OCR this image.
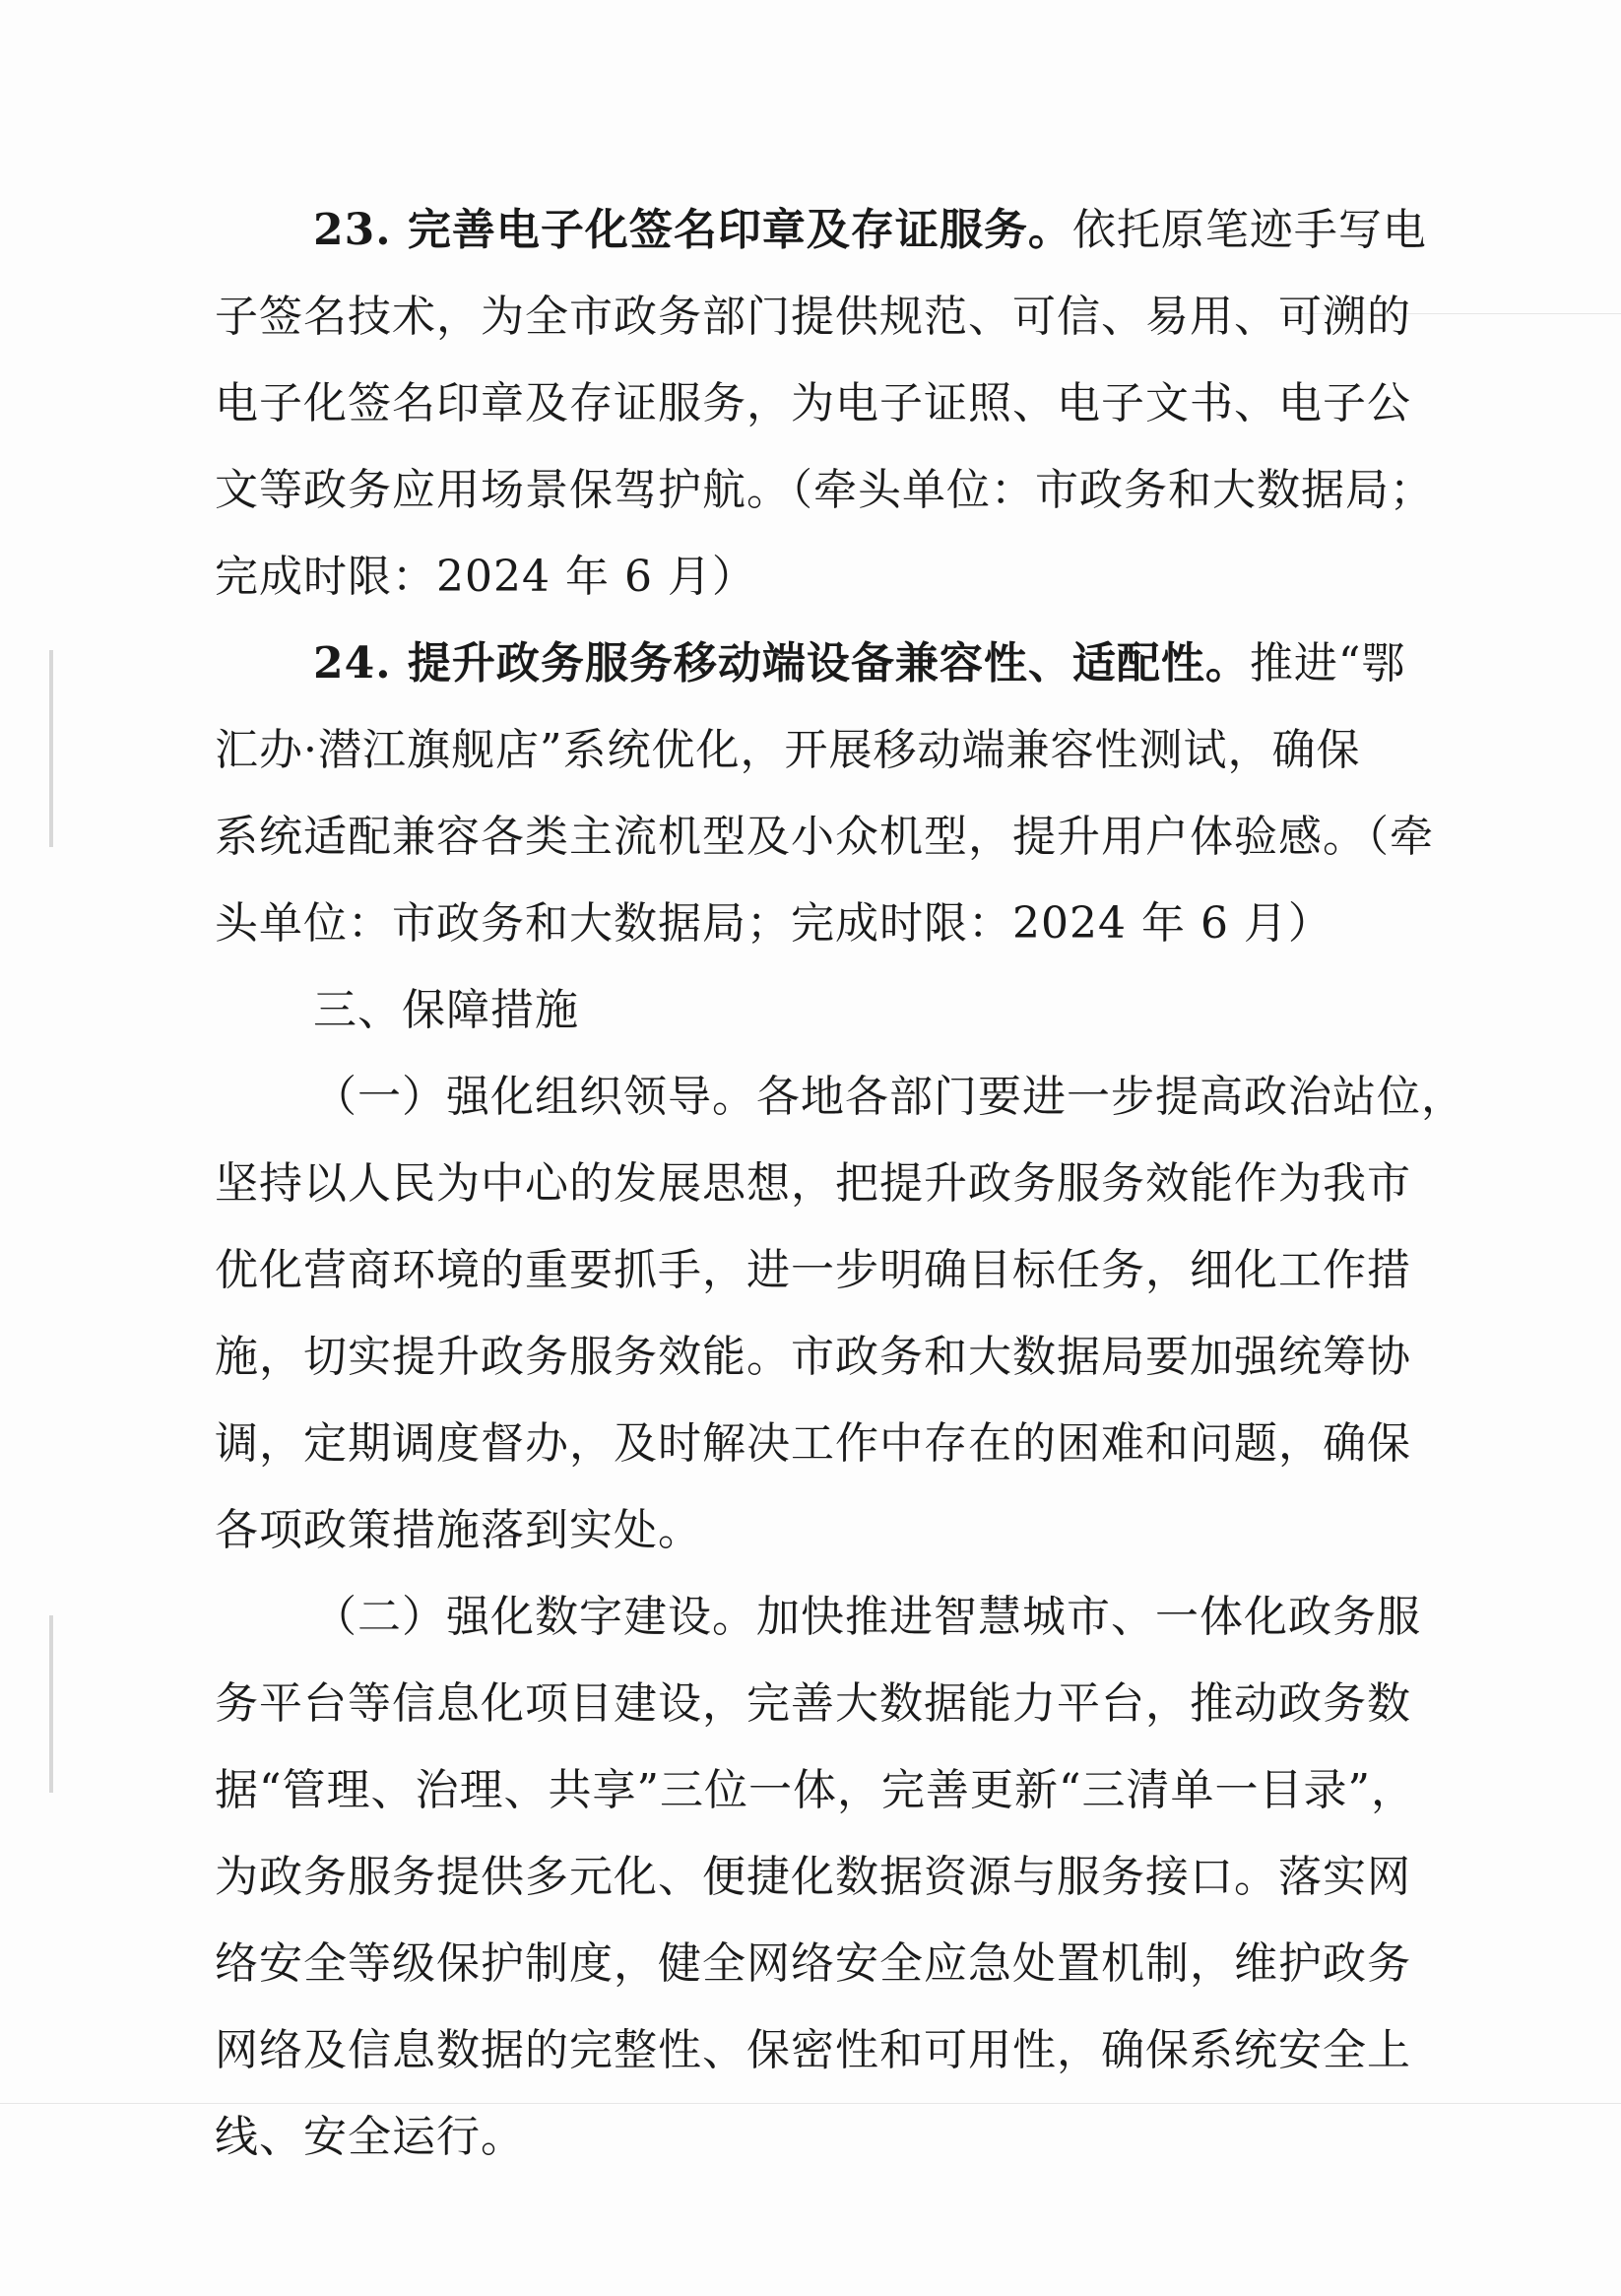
23. 完善电子化签名印章及存证服务。依托原笔迹手写电
子签名技术，为全市政务部门提供规范、可信、易用、可溯的
电子化签名印章及存证服务，为电子证照、电子文书、电子公
文等政务应用场景保驾护航。（牵头单位：市政务和大数据局；
完成时限：2024 年 6 月）
24. 提升政务服务移动端设备兼容性、适配性。推进“鄂
汇办·潜江旗舰店”系统优化，开展移动端兼容性测试，确保
系统适配兼容各类主流机型及小众机型，提升用户体验感。（牵
头单位：市政务和大数据局；完成时限：2024 年 6 月）
三、保障措施
（一）强化组织领导。各地各部门要进一步提高政治站位，
坚持以人民为中心的发展思想，把提升政务服务效能作为我市
优化营商环境的重要抓手，进一步明确目标任务，细化工作措
施，切实提升政务服务效能。市政务和大数据局要加强统筹协
调，定期调度督办，及时解决工作中存在的困难和问题，确保
各项政策措施落到实处。
（二）强化数字建设。加快推进智慧城市、一体化政务服
务平台等信息化项目建设，完善大数据能力平台，推动政务数
据“管理、治理、共享”三位一体，完善更新“三清单一目录”，
为政务服务提供多元化、便捷化数据资源与服务接口。落实网
络安全等级保护制度，健全网络安全应急处置机制，维护政务
网络及信息数据的完整性、保密性和可用性，确保系统安全上
线、安全运行。
